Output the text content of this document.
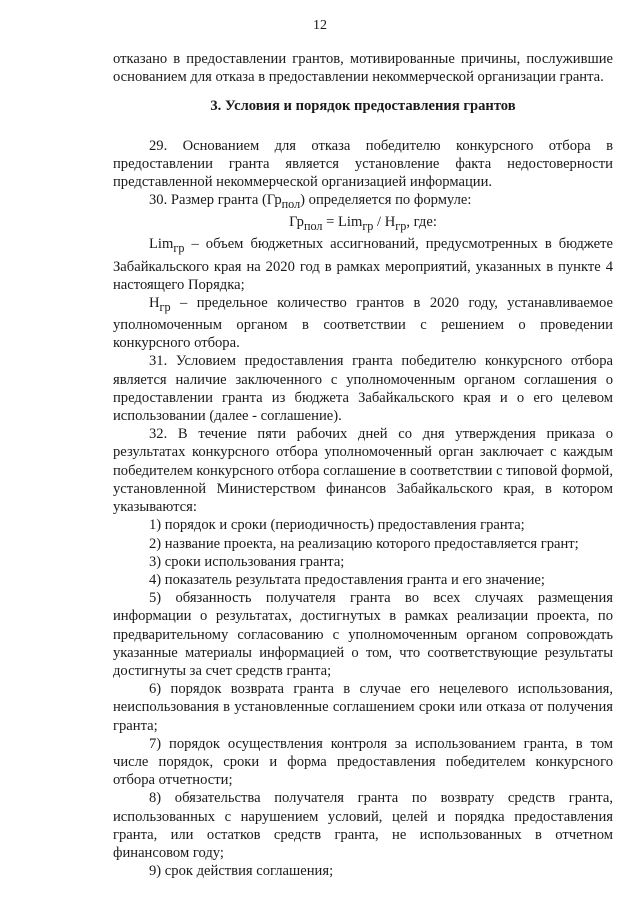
12

отказано в предоставлении грантов, мотивированные причины, послужившие основанием для отказа в предоставлении некоммерческой организации гранта.

3. Условия и порядок предоставления грантов

29. Основанием для отказа победителю конкурсного отбора в предоставлении гранта является установление факта недостоверности представленной некоммерческой организацией информации.

30. Размер гранта $(Гр_{пол})$ определяется по формуле:

$Гр_{пол} = Lim_{гр} / Н_{гр}$, где:

Lim$_{гр}$ – объем бюджетных ассигнований, предусмотренных в бюджете Забайкальского края на 2020 год в рамках мероприятий, указанных в пункте 4 настоящего Порядка;

$Н_{гр}$ – предельное количество грантов в 2020 году, устанавливаемое уполномоченным органом в соответствии с решением о проведении конкурсного отбора.

31. Условием предоставления гранта победителю конкурсного отбора является наличие заключенного с уполномоченным органом соглашения о предоставлении гранта из бюджета Забайкальского края и о его целевом использовании (далее - соглашение).

32. В течение пяти рабочих дней со дня утверждения приказа о результатах конкурсного отбора уполномоченный орган заключает с каждым победителем конкурсного отбора соглашение в соответствии с типовой формой, установленной Министерством финансов Забайкальского края, в котором указываются:

1) порядок и сроки (периодичность) предоставления гранта;

2) название проекта, на реализацию которого предоставляется грант;

3) сроки использования гранта;

4) показатель результата предоставления гранта и его значение;

5) обязанность получателя гранта во всех случаях размещения информации о результатах, достигнутых в рамках реализации проекта, по предварительному согласованию с уполномоченным органом сопровождать указанные материалы информацией о том, что соответствующие результаты достигнуты за счет средств гранта;

6) порядок возврата гранта в случае его нецелевого использования, неиспользования в установленные соглашением сроки или отказа от получения гранта;

7) порядок осуществления контроля за использованием гранта, в том числе порядок, сроки и форма предоставления победителем конкурсного отбора отчетности;

8) обязательства получателя гранта по возврату средств гранта, использованных с нарушением условий, целей и порядка предоставления гранта, или остатков средств гранта, не использованных в отчетном финансовом году;

9) срок действия соглашения;
